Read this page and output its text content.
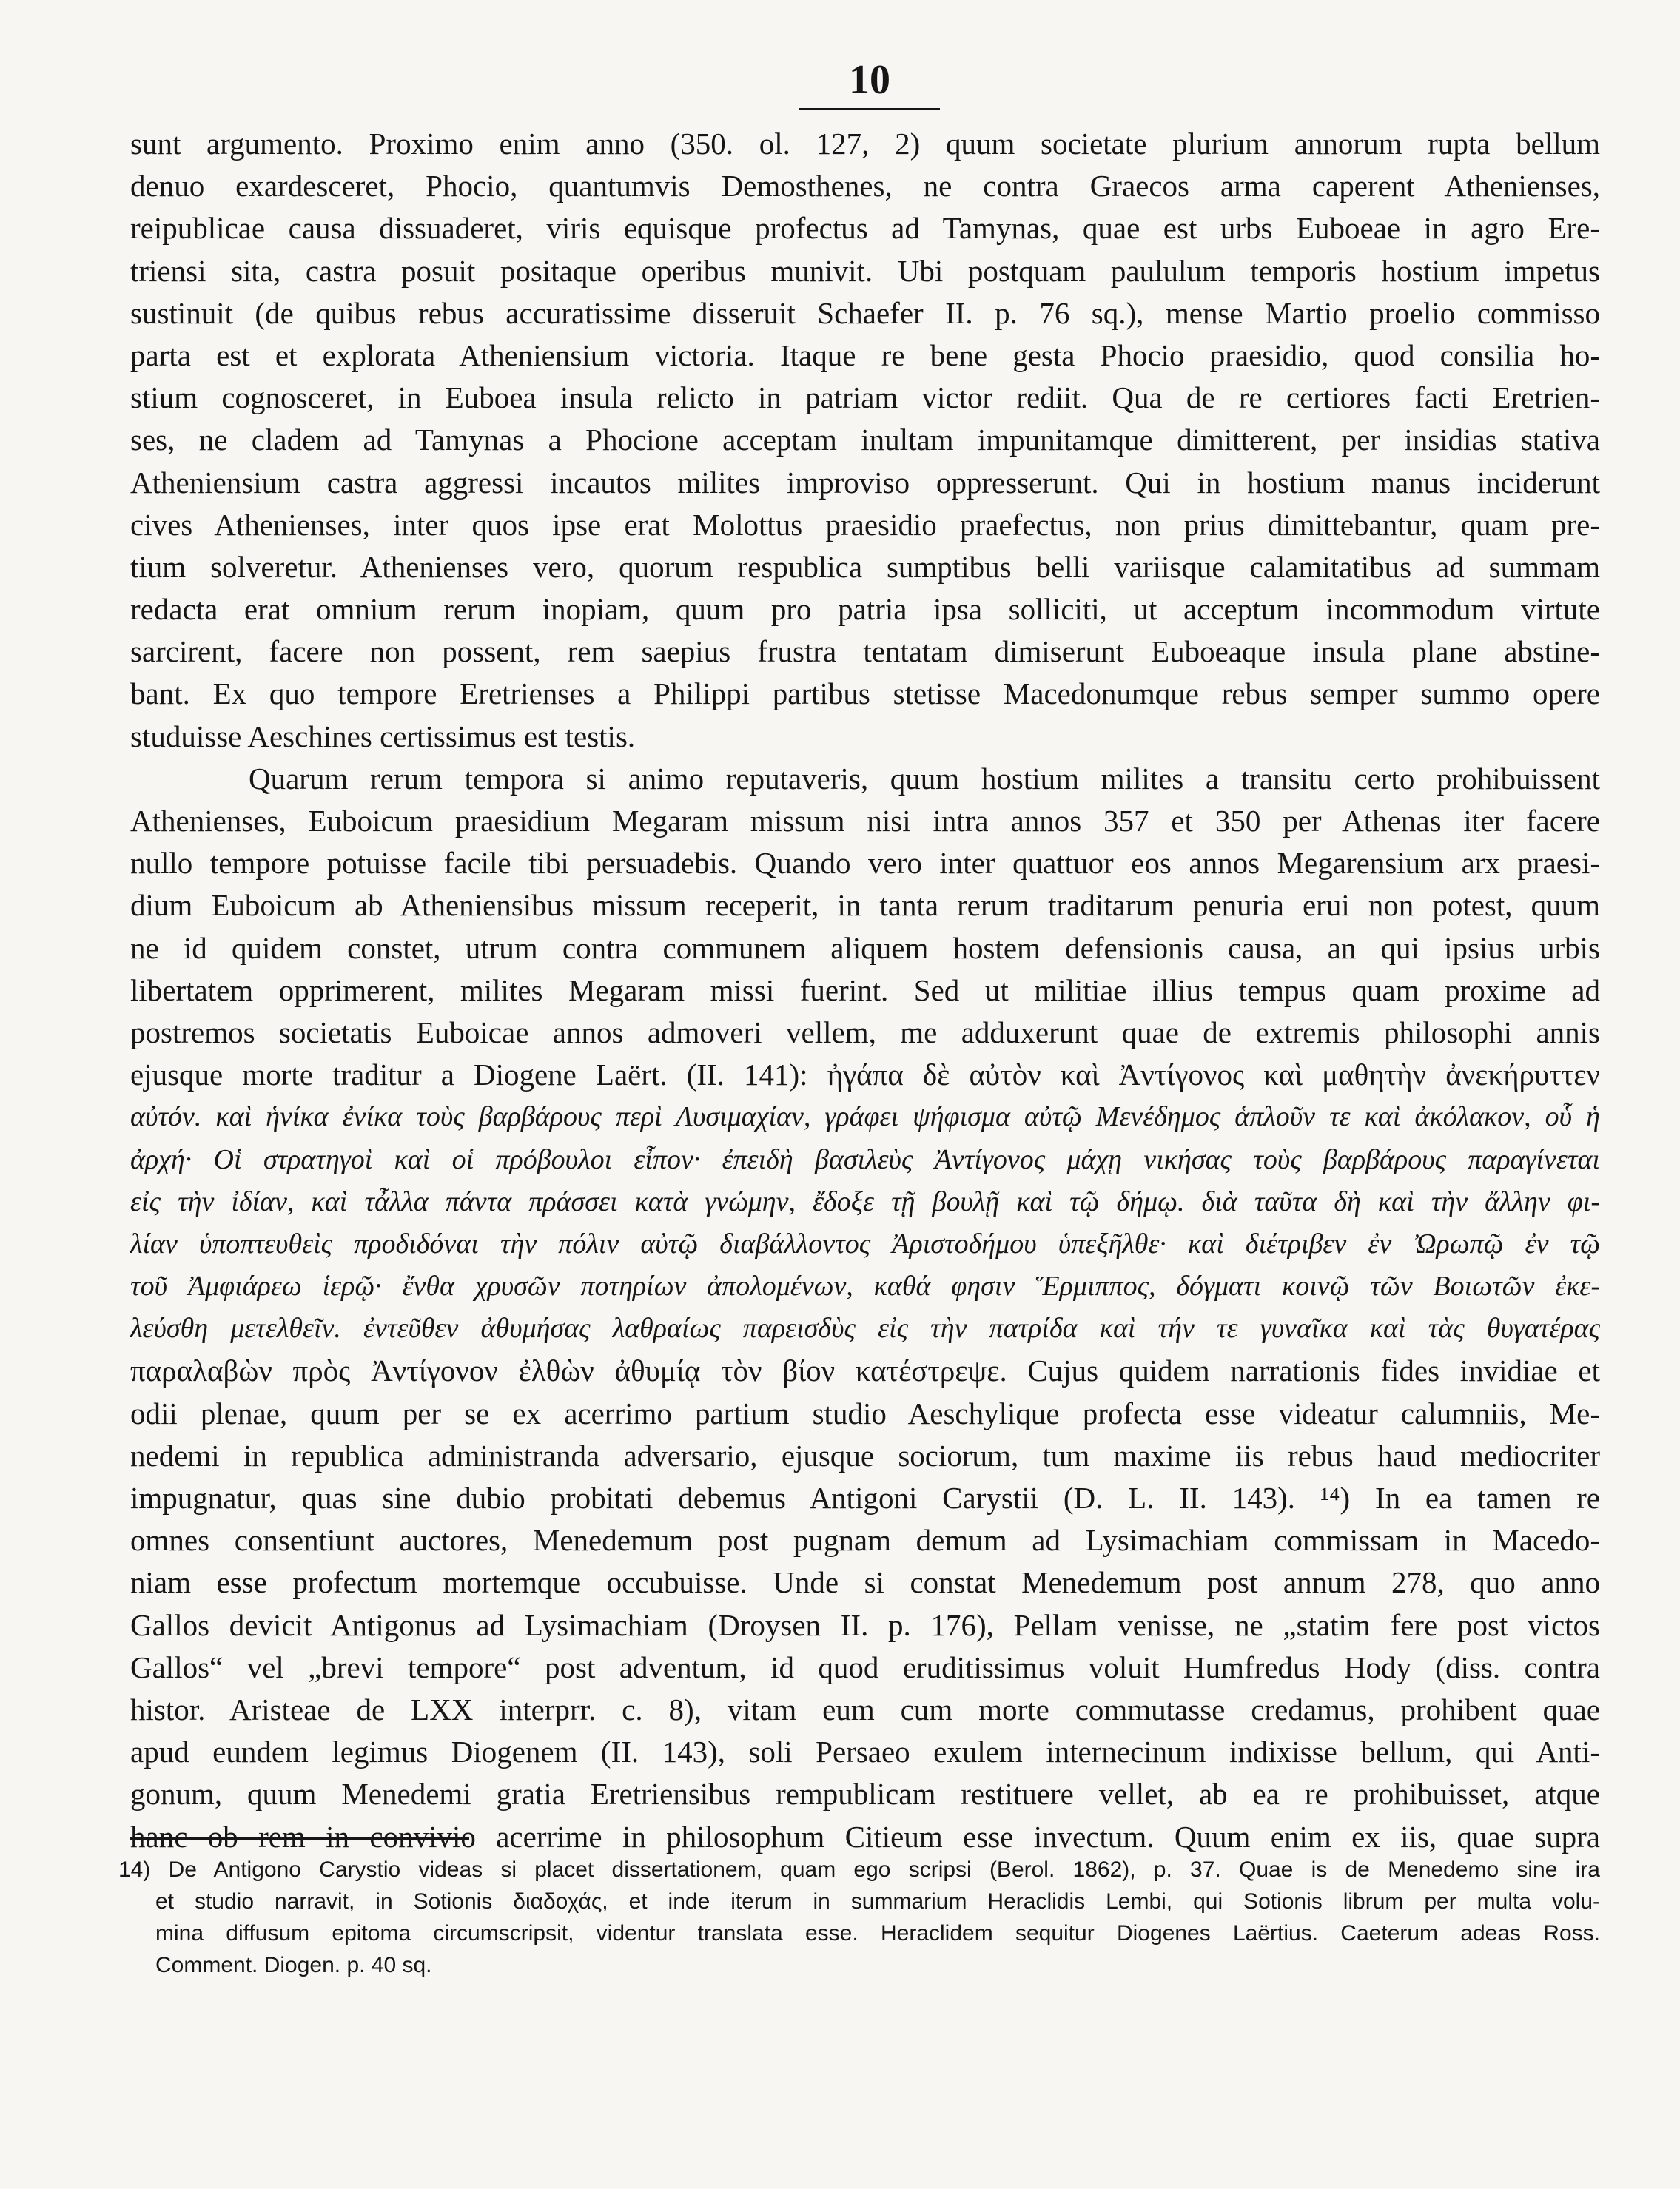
10
sunt argumento. Proximo enim anno (350. ol. 127, 2) quum societate plurium annorum rupta bellum
denuo exardesceret, Phocio, quantumvis Demosthenes, ne contra Graecos arma caperent Athenienses,
reipublicae causa dissuaderet, viris equisque profectus ad Tamynas, quae est urbs Euboeae in agro Ere-
triensi sita, castra posuit positaque operibus munivit. Ubi postquam paululum temporis hostium impetus
sustinuit (de quibus rebus accuratissime disseruit Schaefer II. p. 76 sq.), mense Martio proelio commisso
parta est et explorata Atheniensium victoria. Itaque re bene gesta Phocio praesidio, quod consilia ho-
stium cognosceret, in Euboea insula relicto in patriam victor rediit. Qua de re certiores facti Eretrien-
ses, ne cladem ad Tamynas a Phocione acceptam inultam impunitamque dimitterent, per insidias stativa
Atheniensium castra aggressi incautos milites improviso oppresserunt. Qui in hostium manus inciderunt
cives Athenienses, inter quos ipse erat Molottus praesidio praefectus, non prius dimittebantur, quam pre-
tium solveretur. Athenienses vero, quorum respublica sumptibus belli variisque calamitatibus ad summam
redacta erat omnium rerum inopiam, quum pro patria ipsa solliciti, ut acceptum incommodum virtute
sarcirent, facere non possent, rem saepius frustra tentatam dimiserunt Euboeaque insula plane abstine-
bant. Ex quo tempore Eretrienses a Philippi partibus stetisse Macedonumque rebus semper summo opere
studuisse Aeschines certissimus est testis.
Quarum rerum tempora si animo reputaveris, quum hostium milites a transitu certo prohibuissent
Athenienses, Euboicum praesidium Megaram missum nisi intra annos 357 et 350 per Athenas iter facere
nullo tempore potuisse facile tibi persuadebis. Quando vero inter quattuor eos annos Megarensium arx praesi-
dium Euboicum ab Atheniensibus missum receperit, in tanta rerum traditarum penuria erui non potest, quum
ne id quidem constet, utrum contra communem aliquem hostem defensionis causa, an qui ipsius urbis
libertatem opprimerent, milites Megaram missi fuerint. Sed ut militiae illius tempus quam proxime ad
postremos societatis Euboicae annos admoveri vellem, me adduxerunt quae de extremis philosophi annis
ejusque morte traditur a Diogene Laërt. (II. 141): ἠγάπα δὲ αὐτὸν καὶ Ἀντίγονος καὶ μαθητὴν ἀνεκήρυττεν
αὐτόν. καὶ ἡνίκα ἐνίκα τοὺς βαρβάρους περὶ Λυσιμαχίαν, γράφει ψήφισμα αὐτῷ Μενέδημος ἁπλοῦν τε καὶ ἀκόλακον, οὗ ἡ
ἀρχή· Οἱ στρατηγοὶ καὶ οἱ πρόβουλοι εἶπον· ἐπειδὴ βασιλεὺς Ἀντίγονος μάχῃ νικήσας τοὺς βαρβάρους παραγίνεται
εἰς τὴν ἰδίαν, καὶ τἆλλα πάντα πράσσει κατὰ γνώμην, ἔδοξε τῇ βουλῇ καὶ τῷ δήμῳ. διὰ ταῦτα δὴ καὶ τὴν ἄλλην φι-
λίαν ὑποπτευθεὶς προδιδόναι τὴν πόλιν αὐτῷ διαβάλλοντος Ἀριστοδήμου ὑπεξῆλθε· καὶ διέτριβεν ἐν Ὠρωπῷ ἐν τῷ
τοῦ Ἀμφιάρεω ἱερῷ· ἔνθα χρυσῶν ποτηρίων ἀπολομένων, καθά φησιν Ἕρμιππος, δόγματι κοινῷ τῶν Βοιωτῶν ἐκε-
λεύσθη μετελθεῖν. ἐντεῦθεν ἀθυμήσας λαθραίως παρεισδὺς εἰς τὴν πατρίδα καὶ τήν τε γυναῖκα καὶ τὰς θυγατέρας
παραλαβὼν πρὸς Ἀντίγονον ἐλθὼν ἀθυμίᾳ τὸν βίον κατέστρεψε. Cujus quidem narrationis fides invidiae et
odii plenae, quum per se ex acerrimo partium studio Aeschylique profecta esse videatur calumniis, Me-
nedemi in republica administranda adversario, ejusque sociorum, tum maxime iis rebus haud mediocriter
impugnatur, quas sine dubio probitati debemus Antigoni Carystii (D. L. II. 143). ¹⁴) In ea tamen re
omnes consentiunt auctores, Menedemum post pugnam demum ad Lysimachiam commissam in Macedo-
niam esse profectum mortemque occubuisse. Unde si constat Menedemum post annum 278, quo anno
Gallos devicit Antigonus ad Lysimachiam (Droysen II. p. 176), Pellam venisse, ne „statim fere post victos
Gallos“ vel „brevi tempore“ post adventum, id quod eruditissimus voluit Humfredus Hody (diss. contra
histor. Aristeae de LXX interprr. c. 8), vitam eum cum morte commutasse credamus, prohibent quae
apud eundem legimus Diogenem (II. 143), soli Persaeo exulem internecinum indixisse bellum, qui Anti-
gonum, quum Menedemi gratia Eretriensibus rempublicam restituere vellet, ab ea re prohibuisset, atque
hanc ob rem in convivio acerrime in philosophum Citieum esse invectum. Quum enim ex iis, quae supra
14) De Antigono Carystio videas si placet dissertationem, quam ego scripsi (Berol. 1862), p. 37. Quae is de Menedemo sine ira
et studio narravit, in Sotionis διαδοχάς, et inde iterum in summarium Heraclidis Lembi, qui Sotionis librum per multa volu-
mina diffusum epitoma circumscripsit, videntur translata esse. Heraclidem sequitur Diogenes Laërtius. Caeterum adeas Ross.
Comment. Diogen. p. 40 sq.
